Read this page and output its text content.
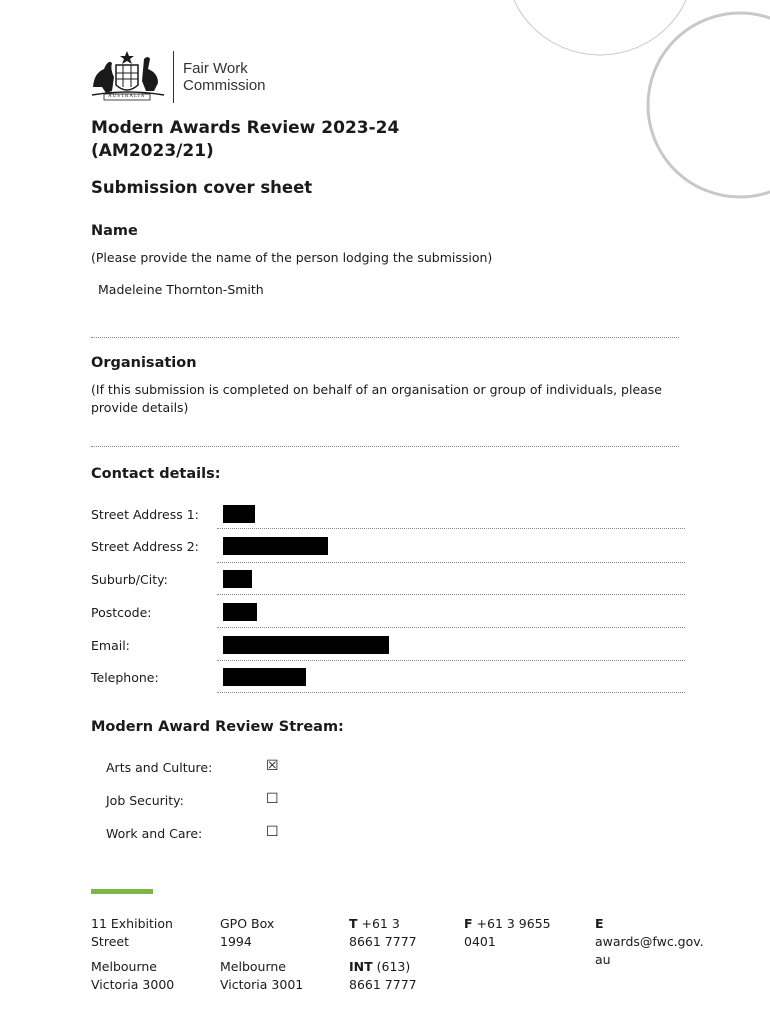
AUSTRALIA
Fair Work
Commission
Modern Awards Review 2023-24
(AM2023/21)
Submission cover sheet
Name
(Please provide the name of the person lodging the submission)
Madeleine Thornton-Smith
Organisation
(If this submission is completed on behalf of an organisation or group of individuals, please
provide details)
Contact details:
Street Address 1:
Street Address 2:
Suburb/City:
Postcode:
Email:
Telephone:
Modern Award Review Stream:
Arts and Culture:	☒
Job Security:	☐
Work and Care:	☐
11 Exhibition
Street
Melbourne
Victoria 3000
GPO Box
1994
Melbourne
Victoria 3001
T +61 3
8661 7777
INT (613)
8661 7777
F +61 3 9655
0401
E
awards@fwc.gov.
au
